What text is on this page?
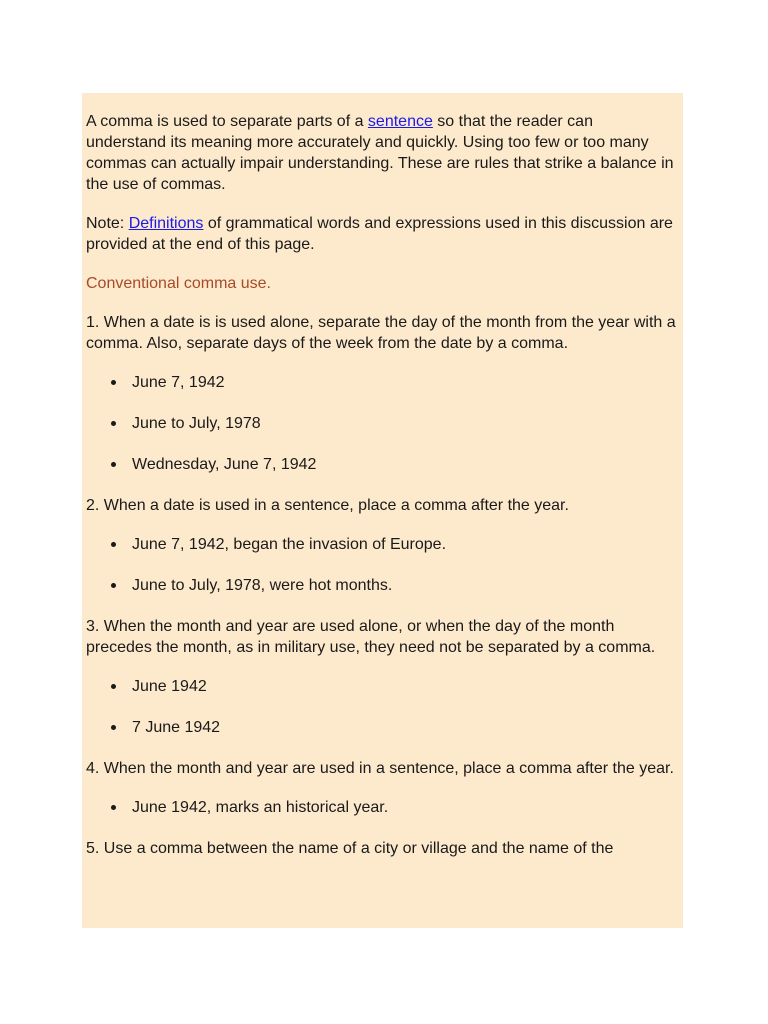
A comma is used to separate parts of a sentence so that the reader can understand its meaning more accurately and quickly. Using too few or too many commas can actually impair understanding. These are rules that strike a balance in the use of commas.

Note: Definitions of grammatical words and expressions used in this discussion are provided at the end of this page.

Conventional comma use.

1. When a date is is used alone, separate the day of the month from the year with a comma. Also, separate days of the week from the date by a comma.

June 7, 1942
June to July, 1978
Wednesday, June 7, 1942

2. When a date is used in a sentence, place a comma after the year.

June 7, 1942, began the invasion of Europe.
June to July, 1978, were hot months.

3. When the month and year are used alone, or when the day of the month precedes the month, as in military use, they need not be separated by a comma.

June 1942
7 June 1942

4. When the month and year are used in a sentence, place a comma after the year.

June 1942, marks an historical year.

5. Use a comma between the name of a city or village and the name of the
